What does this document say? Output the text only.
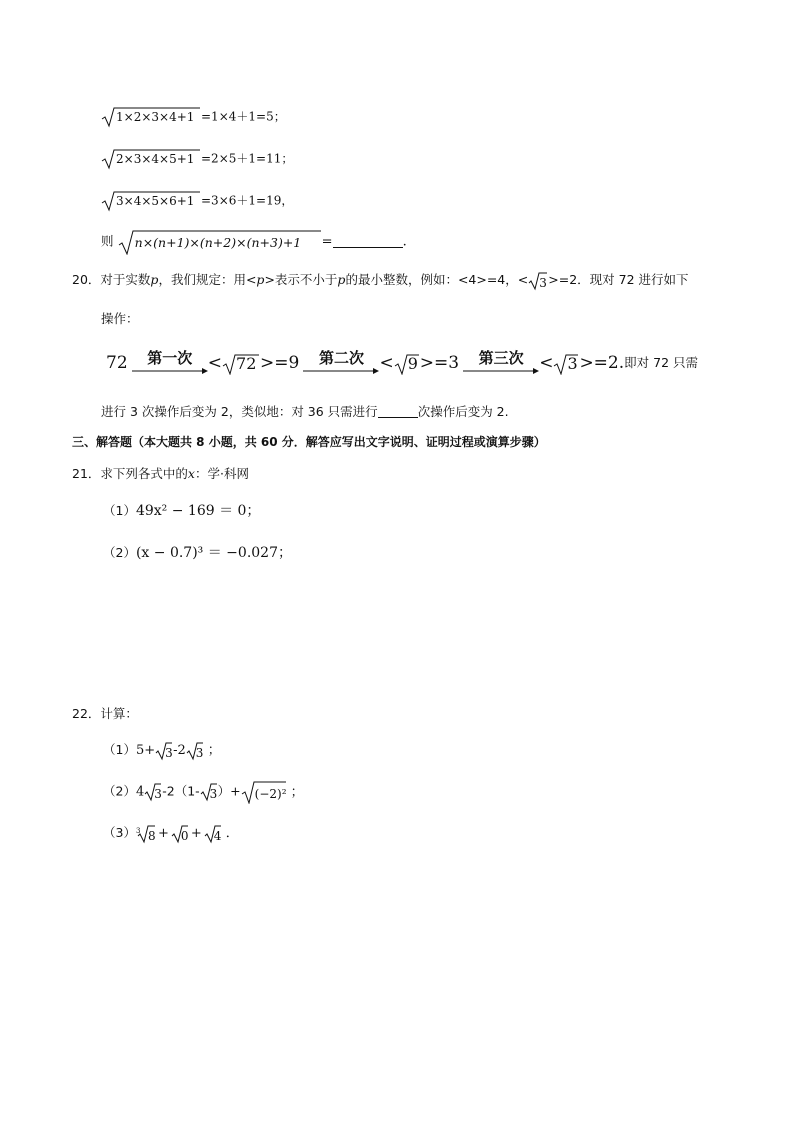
1×2×3×4+1 =1×4＋1=5；
2×3×4×5+1 =2×5＋1=11；
3×4×5×6+1 =3×6＋1=19，
则 n×(n+1)×(n+2)×(n+3)+1 =	.
20．对于实数p，我们规定：用<p>表示不小于p的最小整数，例如：<4>=4，< 3 >=2．现对 72 进行如下
操作：
72	第一次 < 72 >=9	第二次 < 9 >=3	第三次 < 3 >=2.即对 72 只需
进行 3 次操作后变为 2，类似地：对 36 只需进行	次操作后变为 2.
三、解答题（本大题共 8 小题，共 60 分．解答应写出文字说明、证明过程或演算步骤）
21．求下列各式中的x：学·科网
（1）49x² − 169 ＝ 0；
（2）(x − 0.7)³ ＝ −0.027；
22．计算：
（1）5+ 3 -2 3 ；
（2）4 3 -2（1- 3 ）+ (−2)² ；
（3） 3 8 + 0 + 4 ．
